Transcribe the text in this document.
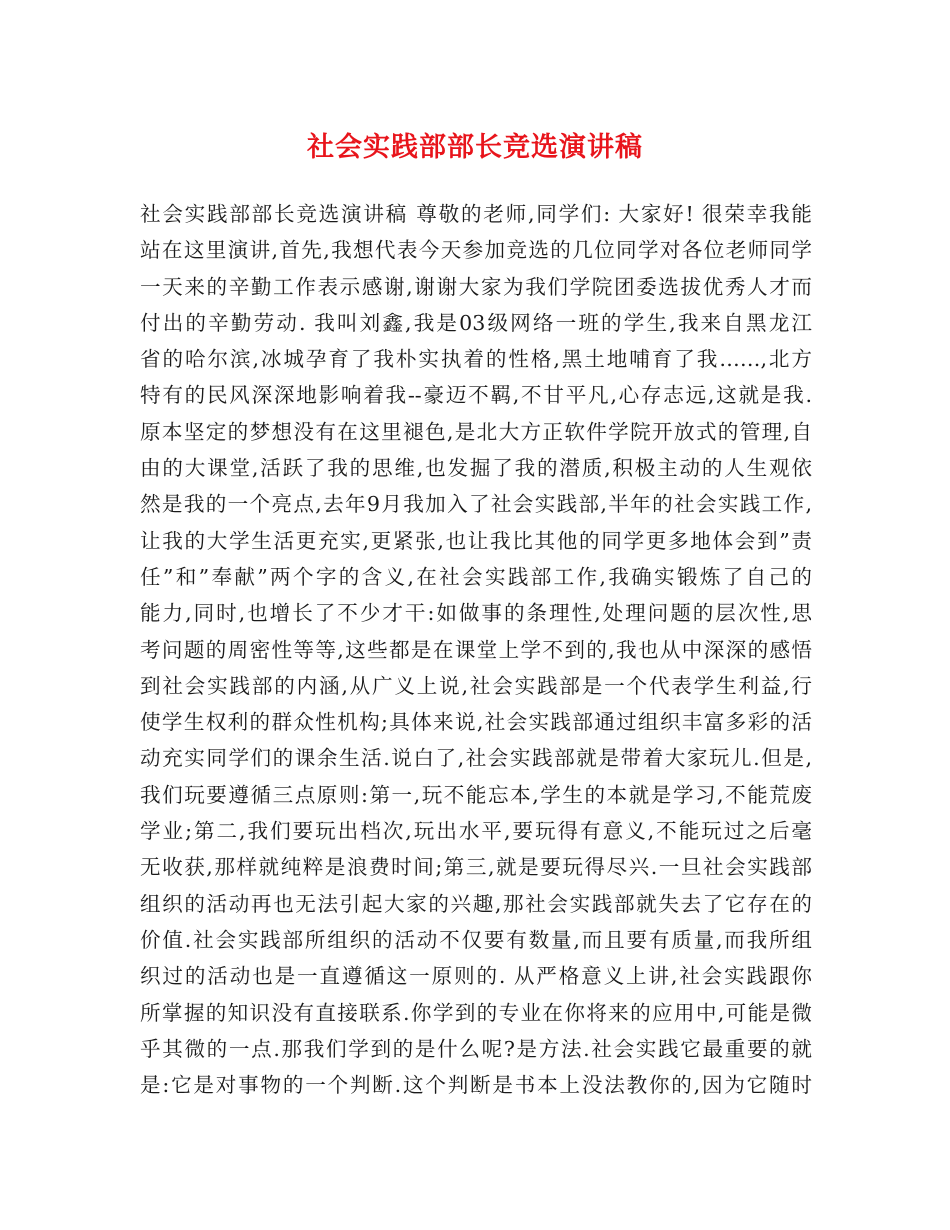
社会实践部部长竞选演讲稿
社会实践部部长竞选演讲稿 尊敬的老师,同学们: 大家好! 很荣幸我能
站在这里演讲,首先,我想代表今天参加竞选的几位同学对各位老师同学
一天来的辛勤工作表示感谢,谢谢大家为我们学院团委选拔优秀人才而
付出的辛勤劳动. 我叫刘鑫,我是03级网络一班的学生,我来自黑龙江
省的哈尔滨,冰城孕育了我朴实执着的性格,黑土地哺育了我……,北方
特有的民风深深地影响着我--豪迈不羁,不甘平凡,心存志远,这就是我.
原本坚定的梦想没有在这里褪色,是北大方正软件学院开放式的管理,自
由的大课堂,活跃了我的思维,也发掘了我的潜质,积极主动的人生观依
然是我的一个亮点,去年9月我加入了社会实践部,半年的社会实践工作,
让我的大学生活更充实,更紧张,也让我比其他的同学更多地体会到”责
任”和”奉献”两个字的含义,在社会实践部工作,我确实锻炼了自己的
能力,同时,也增长了不少才干:如做事的条理性,处理问题的层次性,思
考问题的周密性等等,这些都是在课堂上学不到的,我也从中深深的感悟
到社会实践部的内涵,从广义上说,社会实践部是一个代表学生利益,行
使学生权利的群众性机构;具体来说,社会实践部通过组织丰富多彩的活
动充实同学们的课余生活.说白了,社会实践部就是带着大家玩儿.但是,
我们玩要遵循三点原则:第一,玩不能忘本,学生的本就是学习,不能荒废
学业;第二,我们要玩出档次,玩出水平,要玩得有意义,不能玩过之后毫
无收获,那样就纯粹是浪费时间;第三,就是要玩得尽兴.一旦社会实践部
组织的活动再也无法引起大家的兴趣,那社会实践部就失去了它存在的
价值.社会实践部所组织的活动不仅要有数量,而且要有质量,而我所组
织过的活动也是一直遵循这一原则的. 从严格意义上讲,社会实践跟你
所掌握的知识没有直接联系.你学到的专业在你将来的应用中,可能是微
乎其微的一点.那我们学到的是什么呢?是方法.社会实践它最重要的就
是:它是对事物的一个判断.这个判断是书本上没法教你的,因为它随时
